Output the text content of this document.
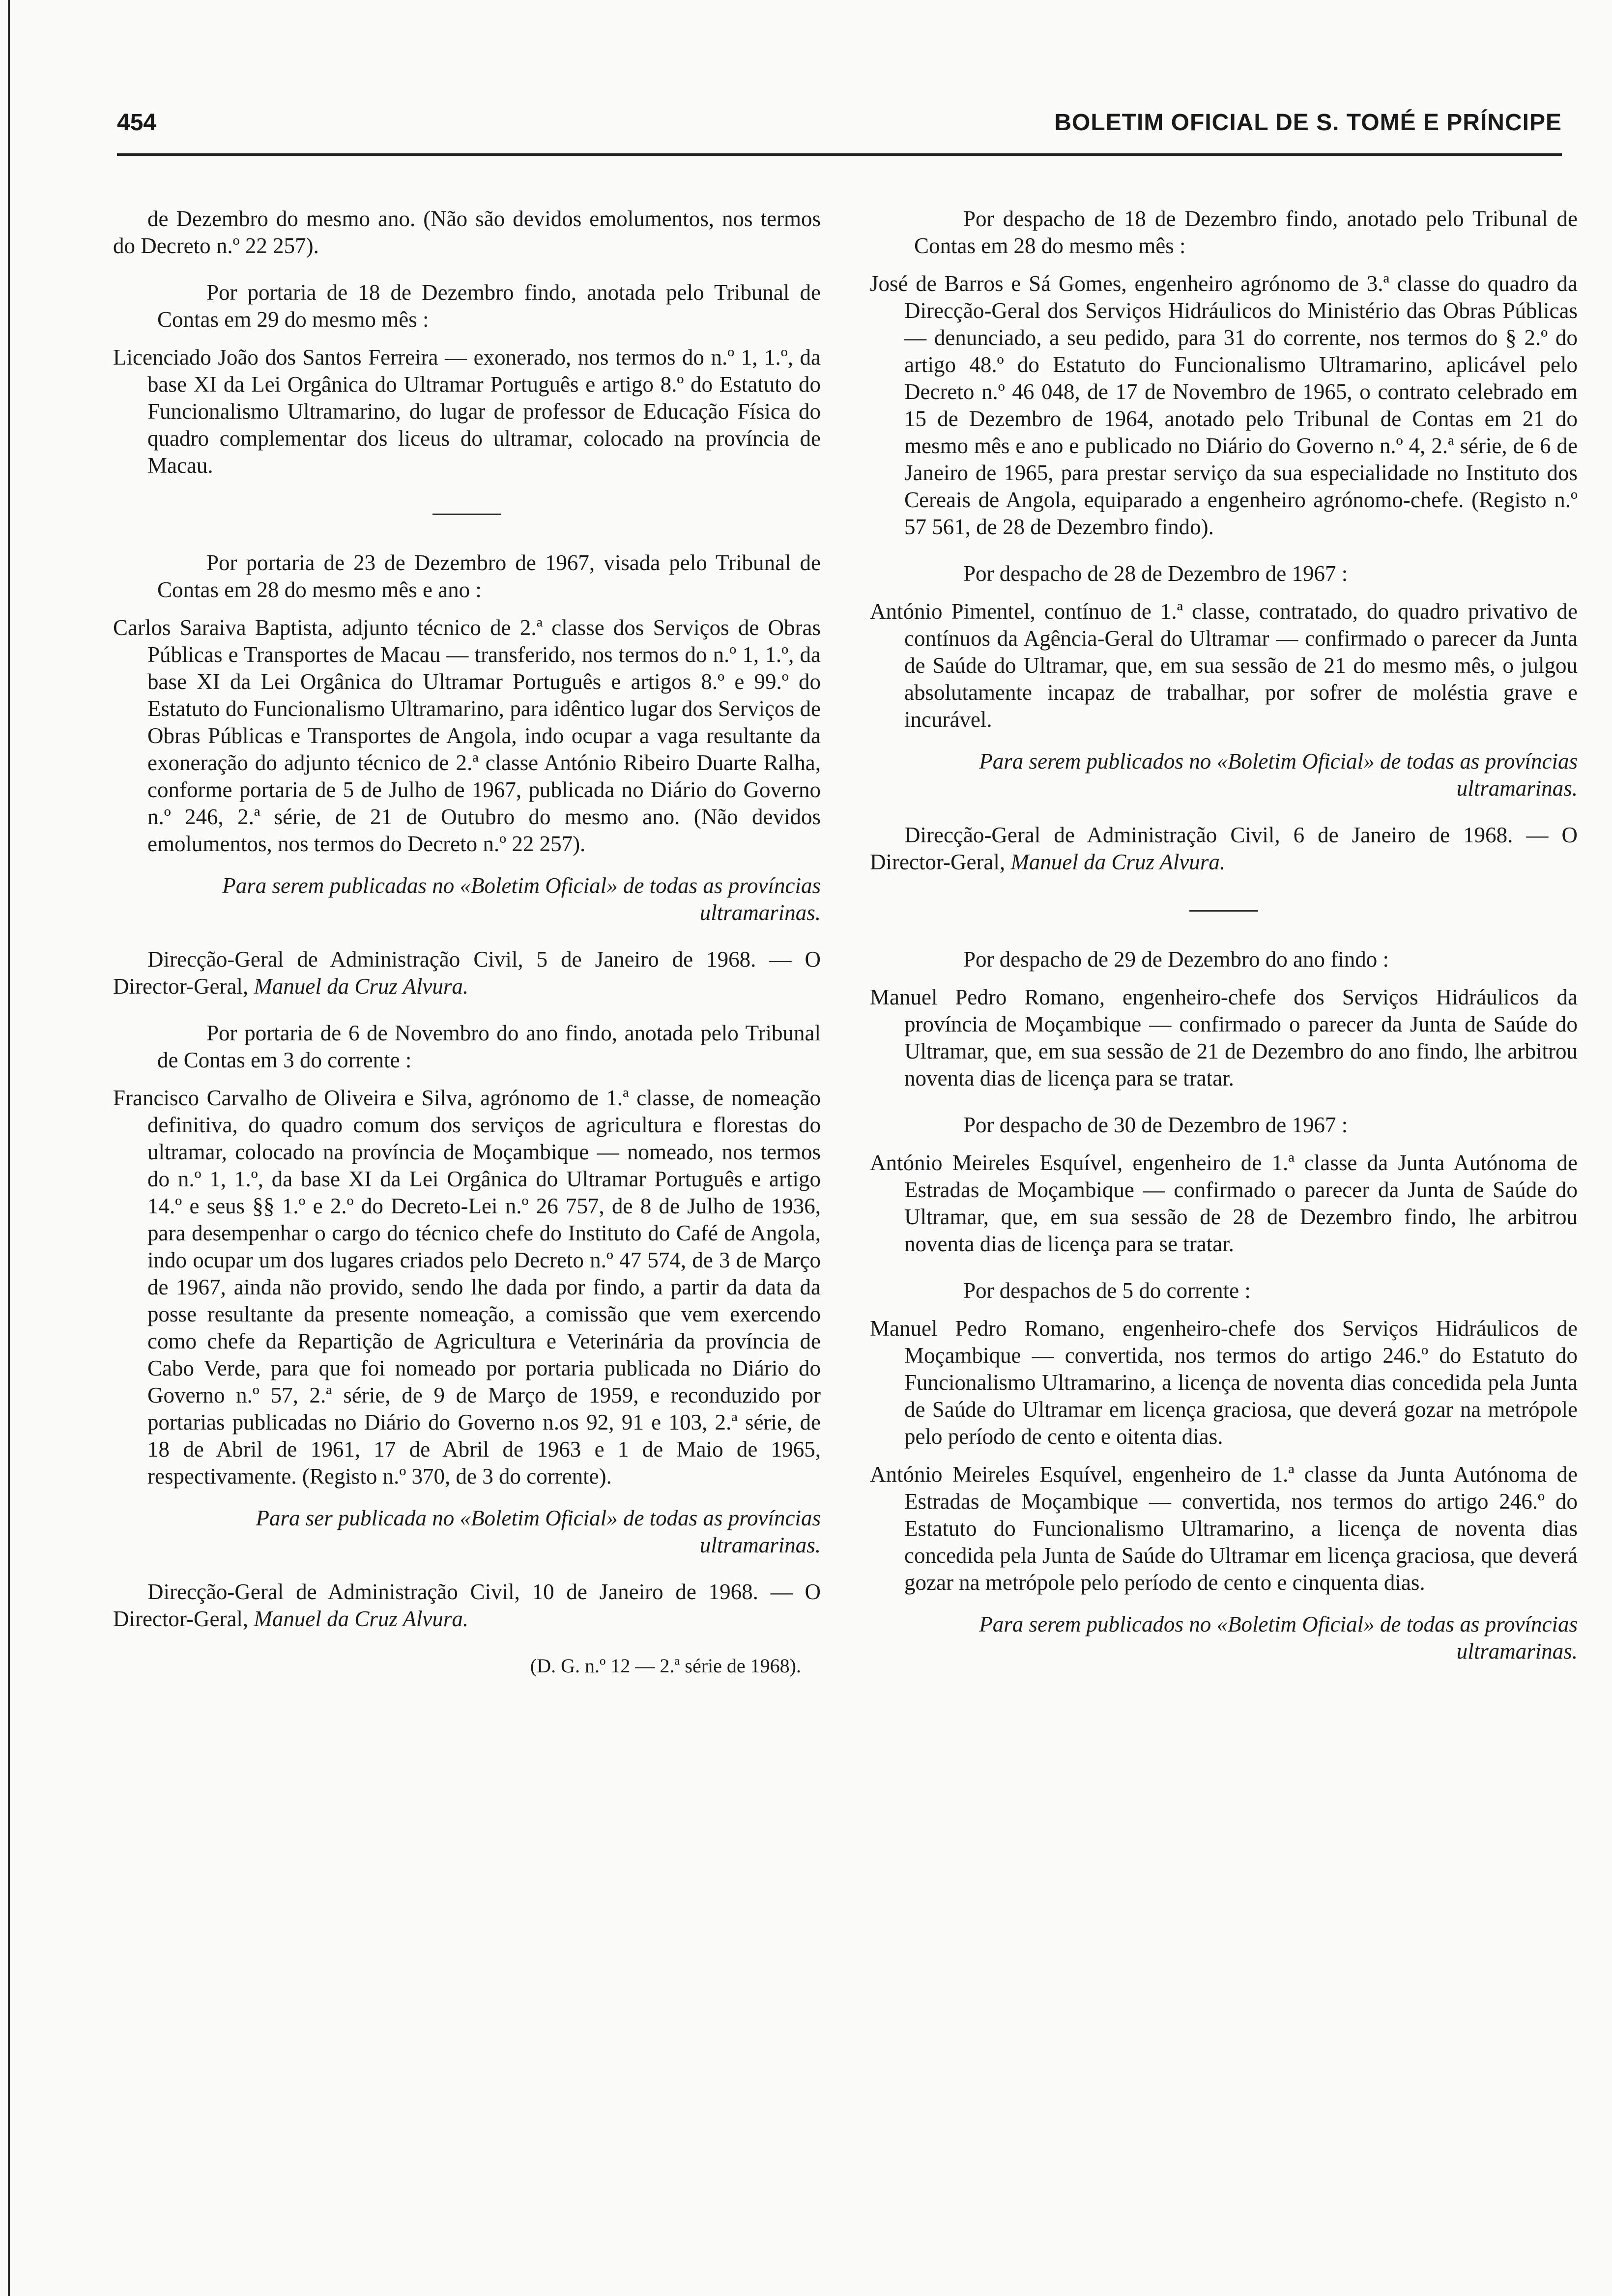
454	BOLETIM OFICIAL DE S. TOMÉ E PRÍNCIPE

de Dezembro do mesmo ano. (Não são devidos emolumentos, nos termos do Decreto n.º 22 257).

Por portaria de 18 de Dezembro findo, anotada pelo Tribunal de Contas em 29 do mesmo mês :

Licenciado João dos Santos Ferreira — exonerado, nos termos do n.º 1, 1.º, da base XI da Lei Orgânica do Ultramar Português e artigo 8.º do Estatuto do Funcionalismo Ultramarino, do lugar de professor de Educação Física do quadro complementar dos liceus do ultramar, colocado na província de Macau.

Por portaria de 23 de Dezembro de 1967, visada pelo Tribunal de Contas em 28 do mesmo mês e ano :

Carlos Saraiva Baptista, adjunto técnico de 2.ª classe dos Serviços de Obras Públicas e Transportes de Macau — transferido, nos termos do n.º 1, 1.º, da base XI da Lei Orgânica do Ultramar Português e artigos 8.º e 99.º do Estatuto do Funcionalismo Ultramarino, para idêntico lugar dos Serviços de Obras Públicas e Transportes de Angola, indo ocupar a vaga resultante da exoneração do adjunto técnico de 2.ª classe António Ribeiro Duarte Ralha, conforme portaria de 5 de Julho de 1967, publicada no Diário do Governo n.º 246, 2.ª série, de 21 de Outubro do mesmo ano. (Não devidos emolumentos, nos termos do Decreto n.º 22 257).

Para serem publicadas no «Boletim Oficial» de todas as províncias ultramarinas.

Direcção-Geral de Administração Civil, 5 de Janeiro de 1968. — O Director-Geral, Manuel da Cruz Alvura.

Por portaria de 6 de Novembro do ano findo, anotada pelo Tribunal de Contas em 3 do corrente :

Francisco Carvalho de Oliveira e Silva, agrónomo de 1.ª classe, de nomeação definitiva, do quadro comum dos serviços de agricultura e florestas do ultramar, colocado na província de Moçambique — nomeado, nos termos do n.º 1, 1.º, da base XI da Lei Orgânica do Ultramar Português e artigo 14.º e seus §§ 1.º e 2.º do Decreto-Lei n.º 26 757, de 8 de Julho de 1936, para desempenhar o cargo do técnico chefe do Instituto do Café de Angola, indo ocupar um dos lugares criados pelo Decreto n.º 47 574, de 3 de Março de 1967, ainda não provido, sendo lhe dada por findo, a partir da data da posse resultante da presente nomeação, a comissão que vem exercendo como chefe da Repartição de Agricultura e Veterinária da província de Cabo Verde, para que foi nomeado por portaria publicada no Diário do Governo n.º 57, 2.ª série, de 9 de Março de 1959, e reconduzido por portarias publicadas no Diário do Governo n.os 92, 91 e 103, 2.ª série, de 18 de Abril de 1961, 17 de Abril de 1963 e 1 de Maio de 1965, respectivamente. (Registo n.º 370, de 3 do corrente).

Para ser publicada no «Boletim Oficial» de todas as províncias ultramarinas.

Direcção-Geral de Administração Civil, 10 de Janeiro de 1968. — O Director-Geral, Manuel da Cruz Alvura.

(D. G. n.º 12 — 2.ª série de 1968).

Por despacho de 18 de Dezembro findo, anotado pelo Tribunal de Contas em 28 do mesmo mês :

José de Barros e Sá Gomes, engenheiro agrónomo de 3.ª classe do quadro da Direcção-Geral dos Serviços Hidráulicos do Ministério das Obras Públicas — denunciado, a seu pedido, para 31 do corrente, nos termos do § 2.º do artigo 48.º do Estatuto do Funcionalismo Ultramarino, aplicável pelo Decreto n.º 46 048, de 17 de Novembro de 1965, o contrato celebrado em 15 de Dezembro de 1964, anotado pelo Tribunal de Contas em 21 do mesmo mês e ano e publicado no Diário do Governo n.º 4, 2.ª série, de 6 de Janeiro de 1965, para prestar serviço da sua especialidade no Instituto dos Cereais de Angola, equiparado a engenheiro agrónomo-chefe. (Registo n.º 57 561, de 28 de Dezembro findo).

Por despacho de 28 de Dezembro de 1967 :

António Pimentel, contínuo de 1.ª classe, contratado, do quadro privativo de contínuos da Agência-Geral do Ultramar — confirmado o parecer da Junta de Saúde do Ultramar, que, em sua sessão de 21 do mesmo mês, o julgou absolutamente incapaz de trabalhar, por sofrer de moléstia grave e incurável.

Para serem publicados no «Boletim Oficial» de todas as províncias ultramarinas.

Direcção-Geral de Administração Civil, 6 de Janeiro de 1968. — O Director-Geral, Manuel da Cruz Alvura.

Por despacho de 29 de Dezembro do ano findo :

Manuel Pedro Romano, engenheiro-chefe dos Serviços Hidráulicos da província de Moçambique — confirmado o parecer da Junta de Saúde do Ultramar, que, em sua sessão de 21 de Dezembro do ano findo, lhe arbitrou noventa dias de licença para se tratar.

Por despacho de 30 de Dezembro de 1967 :

António Meireles Esquível, engenheiro de 1.ª classe da Junta Autónoma de Estradas de Moçambique — confirmado o parecer da Junta de Saúde do Ultramar, que, em sua sessão de 28 de Dezembro findo, lhe arbitrou noventa dias de licença para se tratar.

Por despachos de 5 do corrente :

Manuel Pedro Romano, engenheiro-chefe dos Serviços Hidráulicos de Moçambique — convertida, nos termos do artigo 246.º do Estatuto do Funcionalismo Ultramarino, a licença de noventa dias concedida pela Junta de Saúde do Ultramar em licença graciosa, que deverá gozar na metrópole pelo período de cento e oitenta dias.

António Meireles Esquível, engenheiro de 1.ª classe da Junta Autónoma de Estradas de Moçambique — convertida, nos termos do artigo 246.º do Estatuto do Funcionalismo Ultramarino, a licença de noventa dias concedida pela Junta de Saúde do Ultramar em licença graciosa, que deverá gozar na metrópole pelo período de cento e cinquenta dias.

Para serem publicados no «Boletim Oficial» de todas as províncias ultramarinas.
